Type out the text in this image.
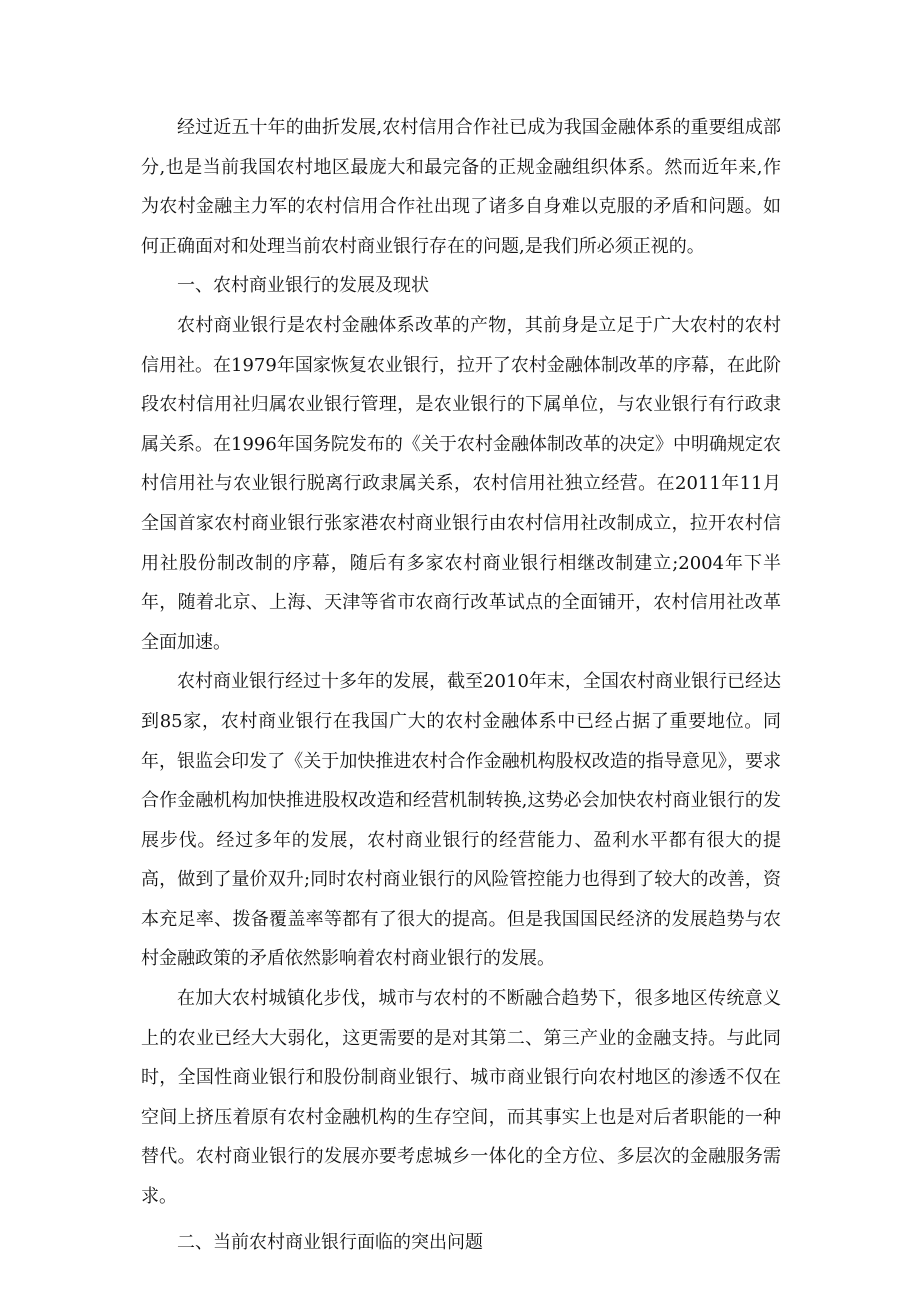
经过近五十年的曲折发展,农村信用合作社已成为我国金融体系的重要组成部分,也是当前我国农村地区最庞大和最完备的正规金融组织体系。然而近年来,作为农村金融主力军的农村信用合作社出现了诸多自身难以克服的矛盾和问题。如何正确面对和处理当前农村商业银行存在的问题,是我们所必须正视的。

一、农村商业银行的发展及现状

农村商业银行是农村金融体系改革的产物，其前身是立足于广大农村的农村信用社。在1979年国家恢复农业银行，拉开了农村金融体制改革的序幕，在此阶段农村信用社归属农业银行管理，是农业银行的下属单位，与农业银行有行政隶属关系。在1996年国务院发布的《关于农村金融体制改革的决定》中明确规定农村信用社与农业银行脱离行政隶属关系，农村信用社独立经营。在2011年11月全国首家农村商业银行张家港农村商业银行由农村信用社改制成立，拉开农村信用社股份制改制的序幕，随后有多家农村商业银行相继改制建立;2004年下半年，随着北京、上海、天津等省市农商行改革试点的全面铺开，农村信用社改革全面加速。

农村商业银行经过十多年的发展，截至2010年末，全国农村商业银行已经达到85家，农村商业银行在我国广大的农村金融体系中已经占据了重要地位。同年，银监会印发了《关于加快推进农村合作金融机构股权改造的指导意见》，要求合作金融机构加快推进股权改造和经营机制转换,这势必会加快农村商业银行的发展步伐。经过多年的发展，农村商业银行的经营能力、盈利水平都有很大的提高，做到了量价双升;同时农村商业银行的风险管控能力也得到了较大的改善，资本充足率、拨备覆盖率等都有了很大的提高。但是我国国民经济的发展趋势与农村金融政策的矛盾依然影响着农村商业银行的发展。

在加大农村城镇化步伐，城市与农村的不断融合趋势下，很多地区传统意义上的农业已经大大弱化，这更需要的是对其第二、第三产业的金融支持。与此同时，全国性商业银行和股份制商业银行、城市商业银行向农村地区的渗透不仅在空间上挤压着原有农村金融机构的生存空间，而其事实上也是对后者职能的一种替代。农村商业银行的发展亦要考虑城乡一体化的全方位、多层次的金融服务需求。

二、当前农村商业银行面临的突出问题
